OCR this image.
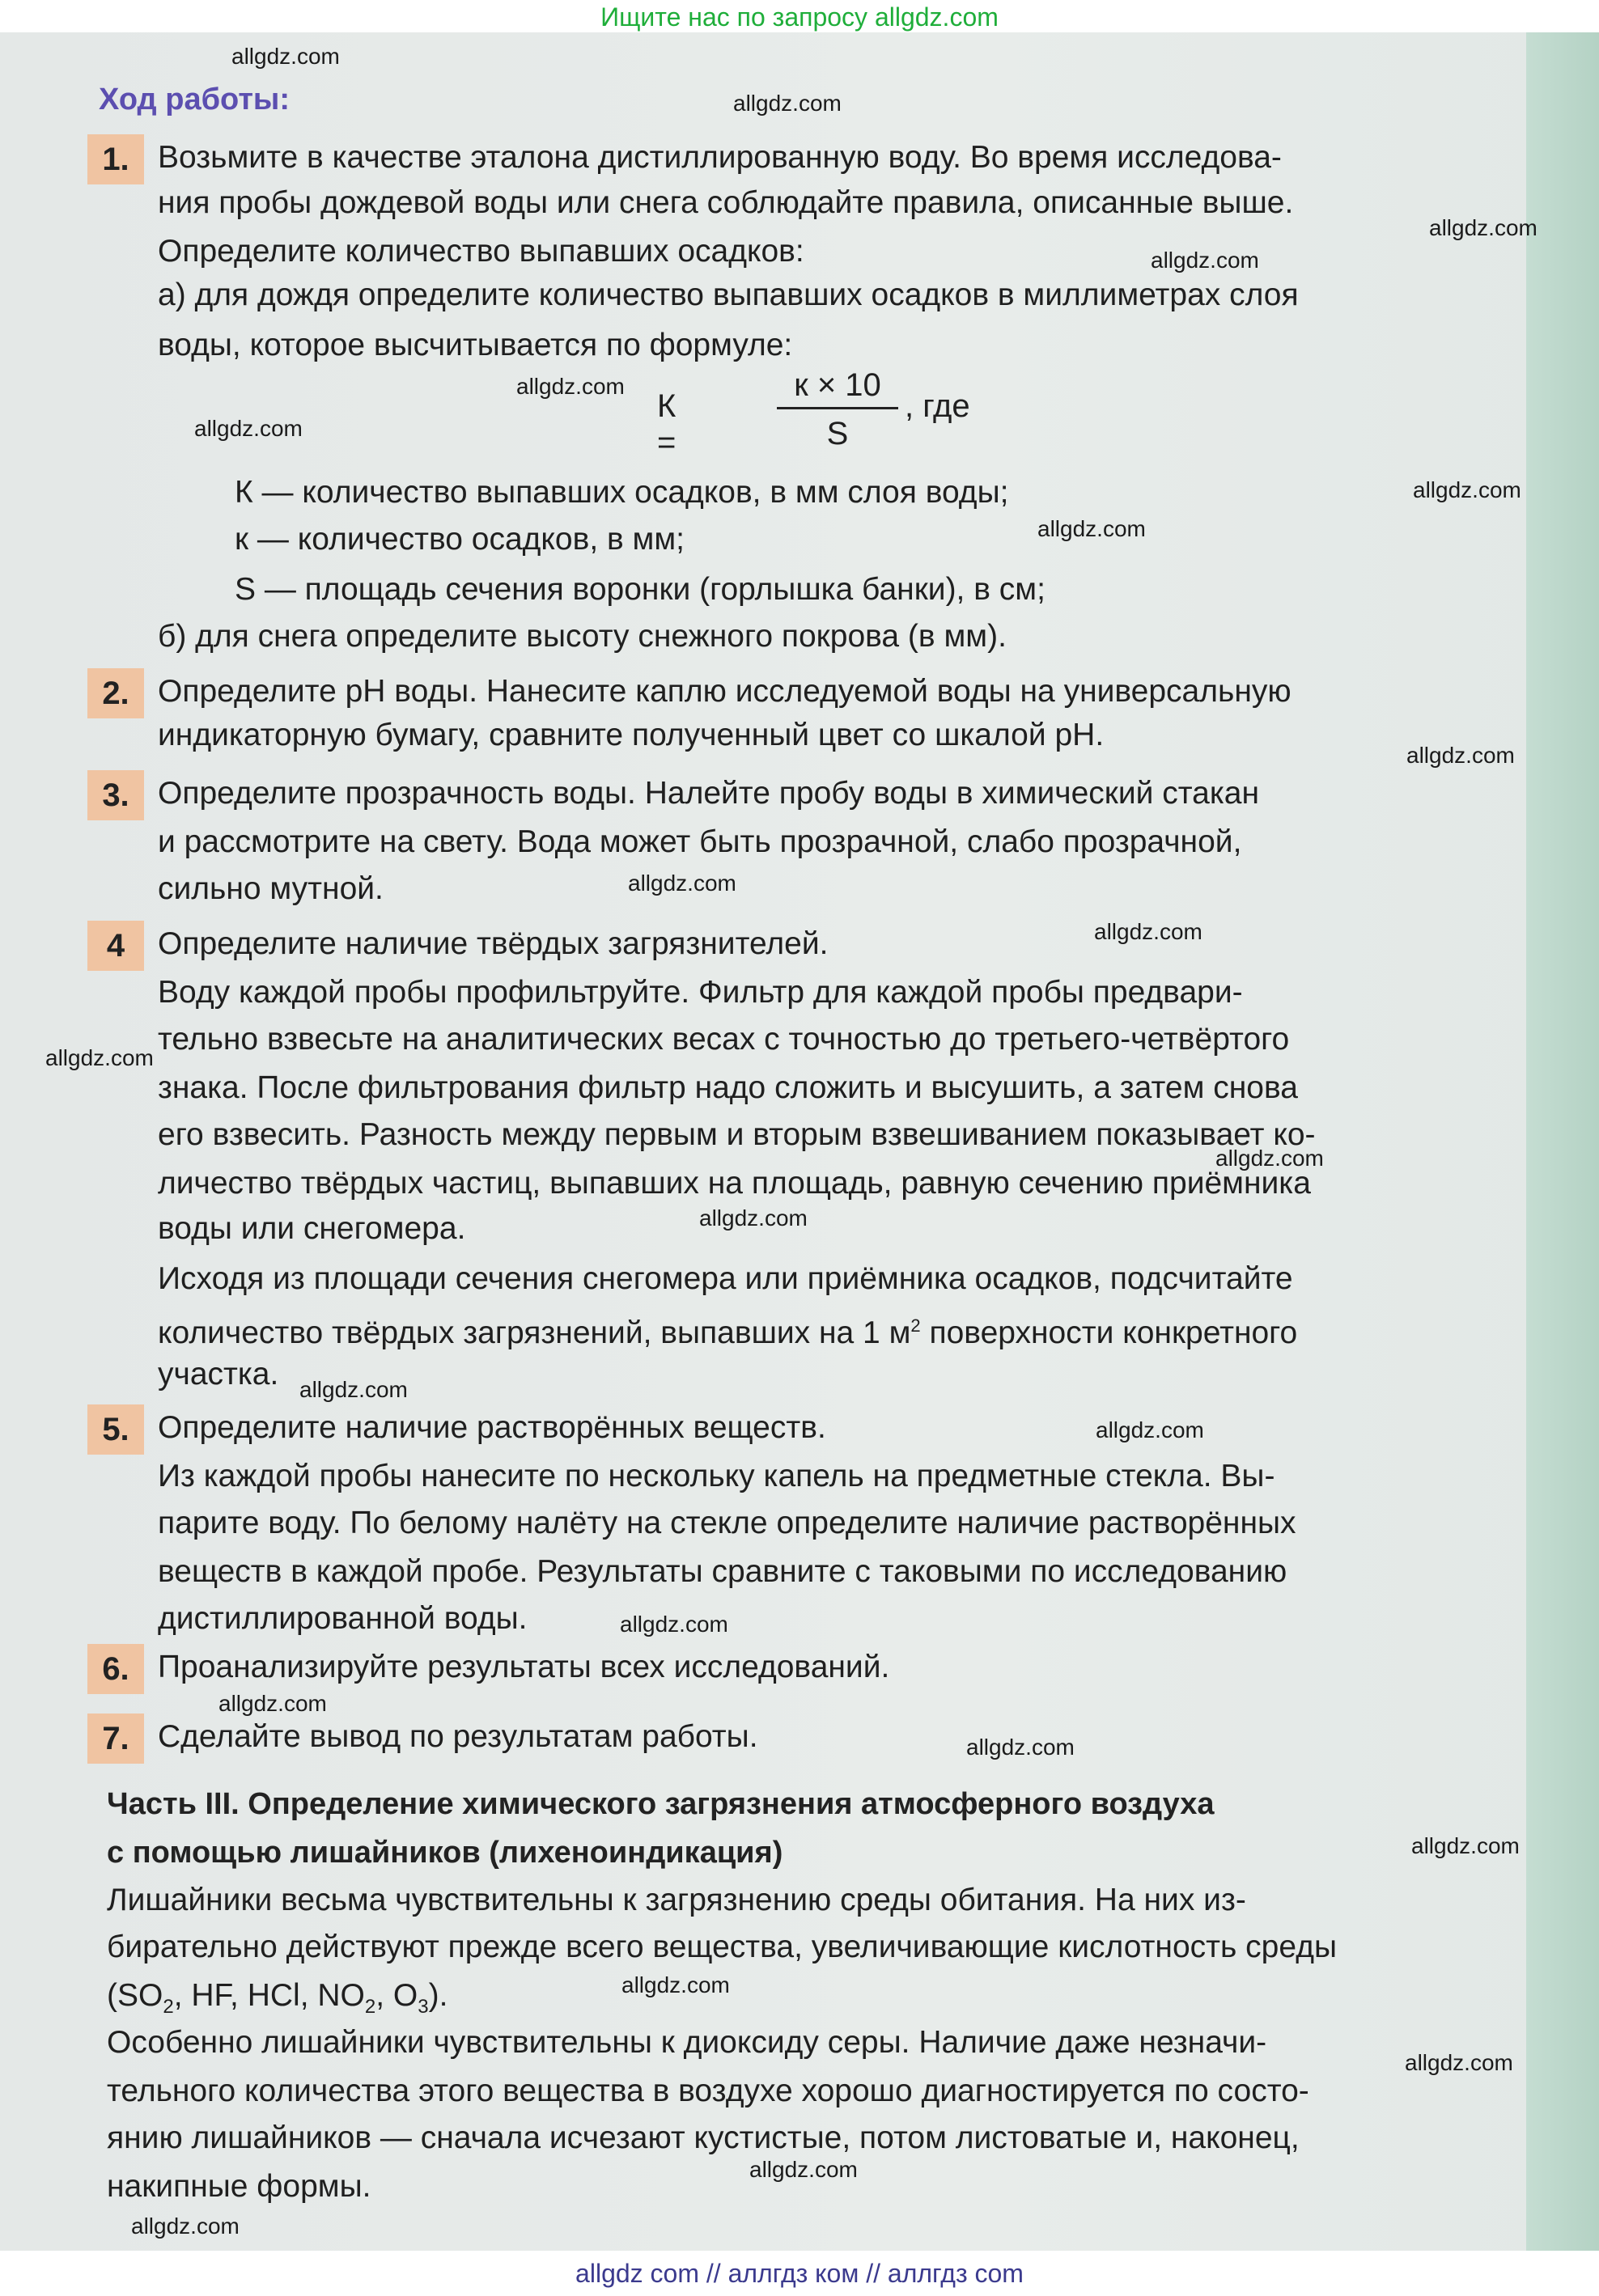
Ищите нас по запросу allgdz.com
Ход работы:
1. Возьмите в качестве эталона дистиллированную воду. Во время исследова-
ния пробы дождевой воды или снега соблюдайте правила, описанные выше.
Определите количество выпавших осадков:
а) для дождя определите количество выпавших осадков в миллиметрах слоя
воды, которое высчитывается по формуле:
К =
к × 10
S
, где
К — количество выпавших осадков, в мм слоя воды;
к — количество осадков, в мм;
S — площадь сечения воронки (горлышка банки), в см;
б) для снега определите высоту снежного покрова (в мм).
2. Определите рН воды. Нанесите каплю исследуемой воды на универсальную
индикаторную бумагу, сравните полученный цвет со шкалой рН.
3. Определите прозрачность воды. Налейте пробу воды в химический стакан
и рассмотрите на свету. Вода может быть прозрачной, слабо прозрачной,
сильно мутной.
4	Определите наличие твёрдых загрязнителей.
Воду каждой пробы профильтруйте. Фильтр для каждой пробы предвари-
тельно взвесьте на аналитических весах с точностью до третьего-четвёртого
знака. После фильтрования фильтр надо сложить и высушить, а затем снова
его взвесить. Разность между первым и вторым взвешиванием показывает ко-
личество твёрдых частиц, выпавших на площадь, равную сечению приёмника
воды или снегомера.
Исходя из площади сечения снегомера или приёмника осадков, подсчитайте
количество твёрдых загрязнений, выпавших на 1 $м^2$ поверхности конкретного
участка.
5. Определите наличие растворённых веществ.
Из каждой пробы нанесите по нескольку капель на предметные стекла. Вы-
парите воду. По белому налёту на стекле определите наличие растворённых
веществ в каждой пробе. Результаты сравните с таковыми по исследованию
дистиллированной воды.
6. Проанализируйте результаты всех исследований.
7. Сделайте вывод по результатам работы.
Часть III. Определение химического загрязнения атмосферного воздуха
с помощью лишайников (лихеноиндикация)
Лишайники весьма чувствительны к загрязнению среды обитания. На них из-
бирательно действуют прежде всего вещества, увеличивающие кислотность среды
($SO_2$, HF, HCl, $NO_2$, $O_3$).
Особенно лишайники чувствительны к диоксиду серы. Наличие даже незначи-
тельного количества этого вещества в воздухе хорошо диагностируется по состо-
янию лишайников — сначала исчезают кустистые, потом листоватые и, наконец,
накипные формы.
allgdz.com
allgdz.com
allgdz.com
allgdz.com
allgdz.com
allgdz.com
allgdz.com
allgdz.com
allgdz.com
allgdz.com
allgdz.com
allgdz.com
allgdz.com
allgdz.com
allgdz.com
allgdz.com
allgdz.com
allgdz.com
allgdz.com
allgdz.com
allgdz.com
allgdz.com
allgdz.com
allgdz.com
allgdz com // аллгдз ком // аллгдз com
